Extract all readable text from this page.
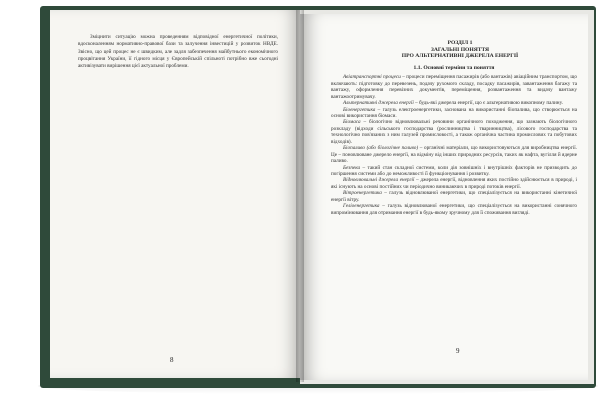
Зміцнити ситуацію можна проведенням відповідної енергетичної політики, вдосконаленням нормативно-правової бази та залучення інвестицій у розвиток НВДЕ. Звісно, що цей процес не є швидким, але задля забезпечення майбутнього економічного процвітання України, її гідного місця у Європейській спільноті потрібно вже сьогодні активізувати вирішення цієї актуальної проблеми.

8

РОЗДІЛ 1

ЗАГАЛЬНІ ПОНЯТТЯ

ПРО АЛЬТЕРНАТИВНІ ДЖЕРЕЛА ЕНЕРГІЇ

1.1. Основні терміни та поняття

Авіатранспортні процеси – процеси переміщення пасажирів (або вантажів) авіаційним транспортом, що включають: підготовку до перевезень, подачу рухомого складу, посадку пасажирів, завантаження багажу та вантажу, оформлення перевізних документів, переміщення, розвантаження та видачу вантажу вантажоотримувачу.

Альтернативні джерела енергії – будь-які джерела енергії, що є альтернативою викопному палину.

Біоенергетика – галузь електроенергетики, заснована на використанні біопалива, що створюється на основі використання біомаси.

Біомаса – біологічно відновлювальні речовини органічного походження, що зазнають біологічного розкладу (відходи сільського господарства (рослинництва і тваринництва), лісового господарства та технологічно пов'язаних з ним галузей промисловості, а також органічна частина промислових та побутових відходів).

Біопаливо (або біологічне паливо) – органічні матеріали, що використовуються для виробництва енергії. Це – поновлюване джерело енергії, на відміну від інших природних ресурсів, таких як нафта, вугілля й ядерне паливо.

Безпека – такий стан складної системи, коли дія зовнішніх і внутрішніх факторів не призводить до погіршення системи або до неможливості її функціонування і розвитку.

Відновлювальні джерела енергії – джерела енергії, відновлення яких постійно здійснюється в природі, і які існують на основі постійних чи періодично виникаючих в природі потоків енергії.

Вітроенергетика – галузь відновлюваної енергетики, що спеціалізується на використанні кінетичної енергії вітру.

Геліоенергетика – галузь відновлюваної енергетики, що спеціалізується на використанні сонячного випромінювання для отримання енергії в будь-якому зручному для її споживання вигляді.

9
